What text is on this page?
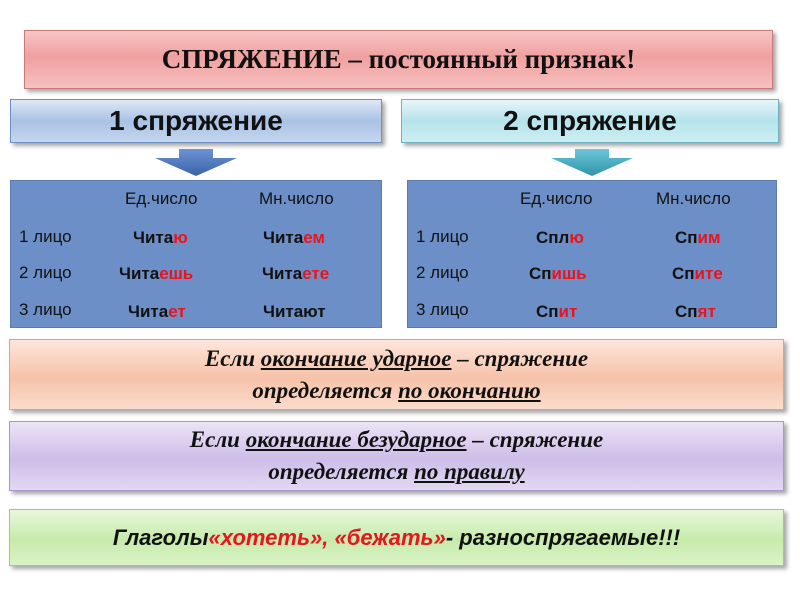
СПРЯЖЕНИЕ – постоянный признак!
1 спряжение	2 спряжение
Ед.число	Мн.число
1 лицо	Читаю	Читаем
2 лицо	Читаешь	Читаете
3 лицо	Читает	Читают
Ед.число	Мн.число
1 лицо	Сплю	Спим
2 лицо	Спишь	Спите
3 лицо	Спит	Спят
Если окончание ударное – спряжение
определяется по окончанию
Если окончание безударное – спряжение
определяется по правилу
Глаголы «хотеть», «бежать» - разноспрягаемые!!!
